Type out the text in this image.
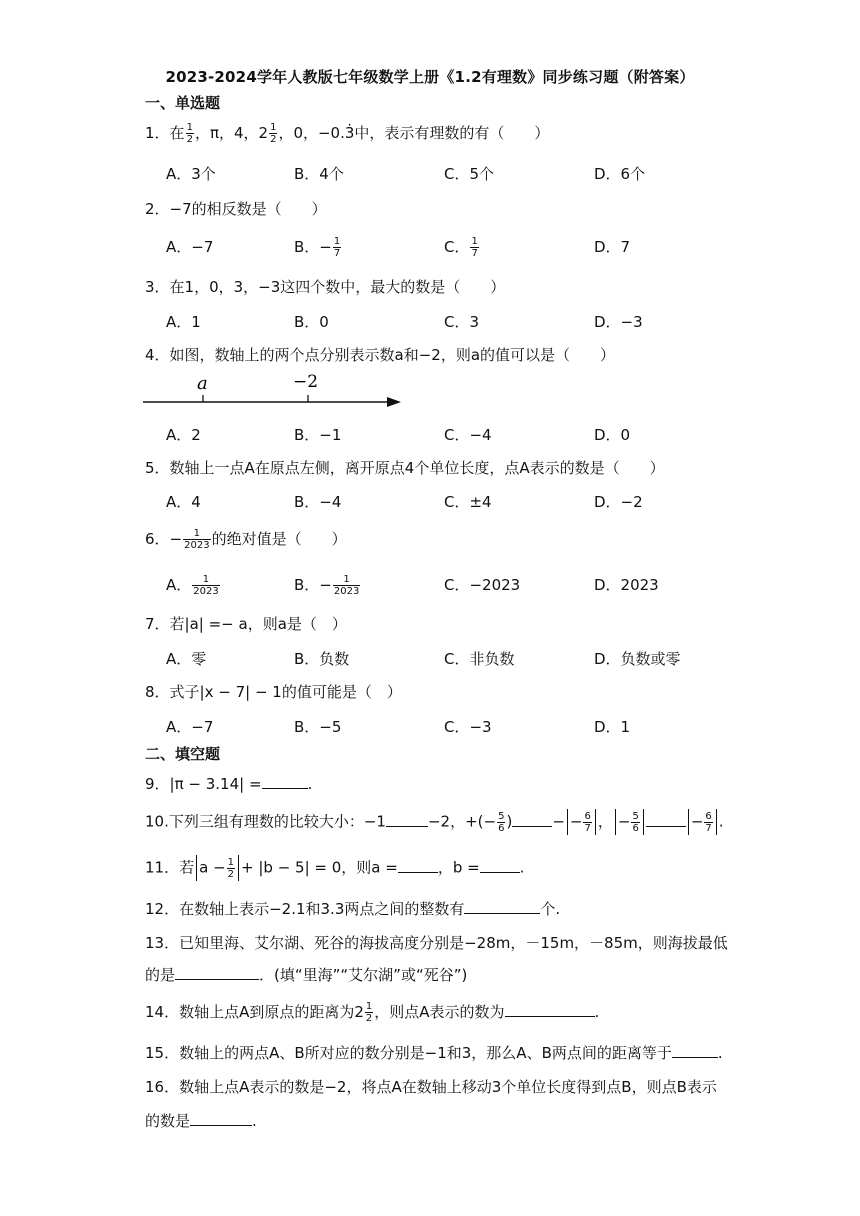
2023-2024学年人教版七年级数学上册《1.2有理数》同步练习题（附答案）
一、单选题
1．在 $\frac{1}{2}$ ，π，4，$2 \frac{1}{2}$ ，0，−0.3̇中，表示有理数的有（　　）
A．3个	B．4个	C．5个	D．6个
2．−7的相反数是（　　）
A．−7	B．− $\frac{1}{7}$	C． $\frac{1}{7}$	D．7
3．在1，0，3，−3这四个数中，最大的数是（　　）
A．1	B．0	C．3	D．−3
4．如图，数轴上的两个点分别表示数a和−2，则a的值可以是（　　）
a	−2
A．2	B．−1	C．−4	D．0
5．数轴上一点A在原点左侧，离开原点4个单位长度，点A表示的数是（　　）
A．4	B．−4	C．±4	D．−2
6．− $\frac{1}{2023}$ 的绝对值是（　　）
A． $\frac{1}{2023}$	B．− $\frac{1}{2023}$	C．−2023	D．2023
7．若|a| =− a，则a是（　）
A．零	B．负数	C．非负数	D．负数或零
8．式子|x − 7| − 1的值可能是（　）
A．−7	B．−5	C．−3	D．1
二、填空题
9．|π − 3.14| =	.
10.下列三组有理数的比较大小：−1	−2，+(− $\frac{5}{6}$ )	− − $\frac{6}{7}$ ， − $\frac{5}{6}$	− $\frac{6}{7}$ .
11．若 $a - \frac{1}{2} + |b - 5| = 0$，则a =	，b =	.
12．在数轴上表示−2.1和3.3两点之间的整数有	个.
13．已知里海、艾尔湖、死谷的海拔高度分别是−28m，－15m，－85m，则海拔最低
的是	．(填“里海”“艾尔湖”或“死谷”)
14．数轴上点A到原点的距离为$2 \frac{1}{2}$ ，则点A表示的数为	.
15．数轴上的两点A、B所对应的数分别是−1和3，那么A、B两点间的距离等于	.
16．数轴上点A表示的数是−2，将点A在数轴上移动3个单位长度得到点B，则点B表示
的数是	.
